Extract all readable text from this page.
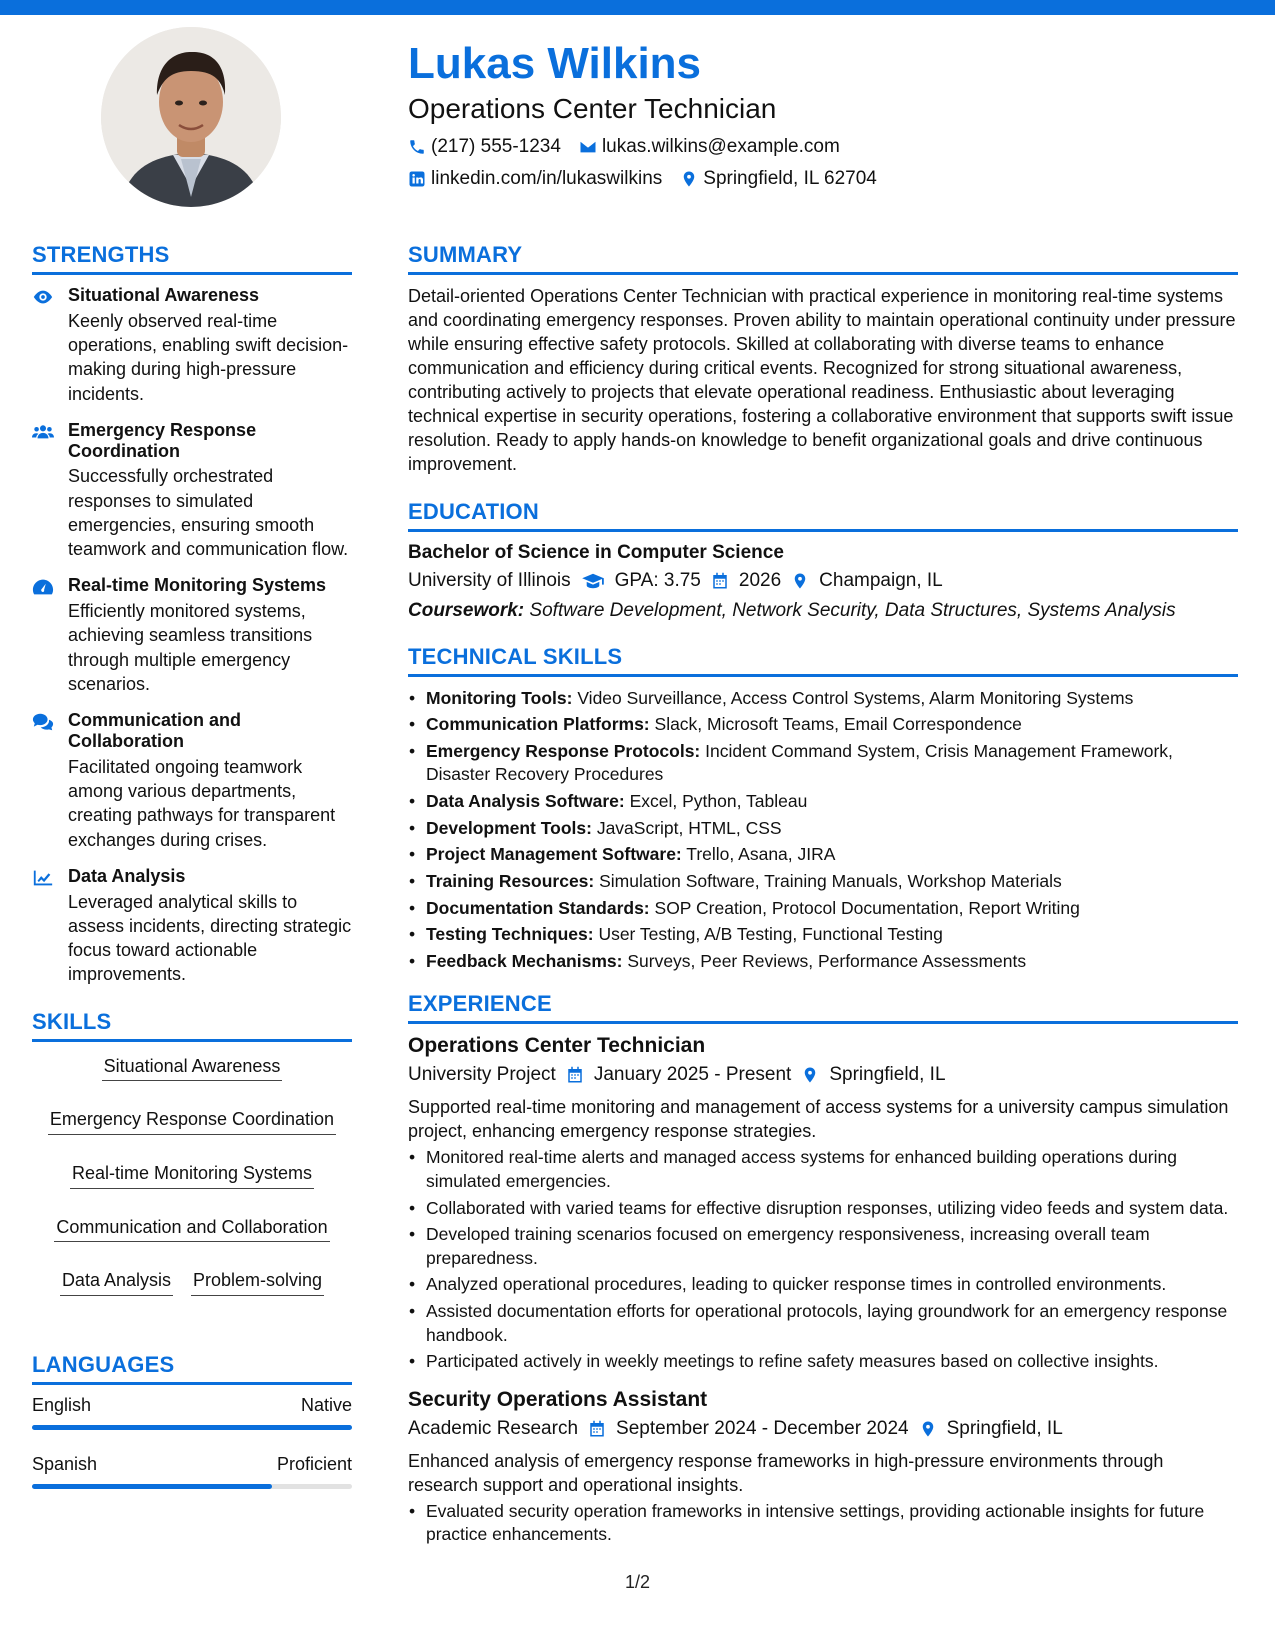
Lukas Wilkins
Operations Center Technician
(217) 555-1234 lukas.wilkins@example.com
linkedin.com/in/lukaswilkins Springfield, IL 62704
STRENGTHS
Situational Awareness
Keenly observed real-time operations, enabling swift decision-making during high-pressure incidents.
Emergency Response Coordination
Successfully orchestrated responses to simulated emergencies, ensuring smooth teamwork and communication flow.
Real-time Monitoring Systems
Efficiently monitored systems, achieving seamless transitions through multiple emergency scenarios.
Communication and Collaboration
Facilitated ongoing teamwork among various departments, creating pathways for transparent exchanges during crises.
Data Analysis
Leveraged analytical skills to assess incidents, directing strategic focus toward actionable improvements.
SKILLS
Situational Awareness
Emergency Response Coordination
Real-time Monitoring Systems
Communication and Collaboration
Data Analysis Problem-solving
LANGUAGES
English	Native
Spanish	Proficient
SUMMARY

Detail-oriented Operations Center Technician with practical experience in monitoring real-time systems and coordinating emergency responses. Proven ability to maintain operational continuity under pressure while ensuring effective safety protocols. Skilled at collaborating with diverse teams to enhance communication and efficiency during critical events. Recognized for strong situational awareness, contributing actively to projects that elevate operational readiness. Enthusiastic about leveraging technical expertise in security operations, fostering a collaborative environment that supports swift issue resolution. Ready to apply hands-on knowledge to benefit organizational goals and drive continuous improvement.

EDUCATION
Bachelor of Science in Computer Science
University of Illinois GPA: 3.75 2026 Champaign, IL
Coursework: Software Development, Network Security, Data Structures, Systems Analysis
TECHNICAL SKILLS
• Monitoring Tools: Video Surveillance, Access Control Systems, Alarm Monitoring Systems
• Communication Platforms: Slack, Microsoft Teams, Email Correspondence
• Emergency Response Protocols: Incident Command System, Crisis Management Framework, Disaster Recovery Procedures
• Data Analysis Software: Excel, Python, Tableau
• Development Tools: JavaScript, HTML, CSS
• Project Management Software: Trello, Asana, JIRA
• Training Resources: Simulation Software, Training Manuals, Workshop Materials
• Documentation Standards: SOP Creation, Protocol Documentation, Report Writing
• Testing Techniques: User Testing, A/B Testing, Functional Testing
• Feedback Mechanisms: Surveys, Peer Reviews, Performance Assessments
EXPERIENCE
Operations Center Technician
University Project January 2025 - Present Springfield, IL
Supported real-time monitoring and management of access systems for a university campus simulation project, enhancing emergency response strategies.
• Monitored real-time alerts and managed access systems for enhanced building operations during simulated emergencies.
• Collaborated with varied teams for effective disruption responses, utilizing video feeds and system data.
• Developed training scenarios focused on emergency responsiveness, increasing overall team preparedness.
• Analyzed operational procedures, leading to quicker response times in controlled environments.
• Assisted documentation efforts for operational protocols, laying groundwork for an emergency response handbook.
• Participated actively in weekly meetings to refine safety measures based on collective insights.
Security Operations Assistant
Academic Research September 2024 - December 2024 Springfield, IL
Enhanced analysis of emergency response frameworks in high-pressure environments through research support and operational insights.
• Evaluated security operation frameworks in intensive settings, providing actionable insights for future practice enhancements.
1/2
